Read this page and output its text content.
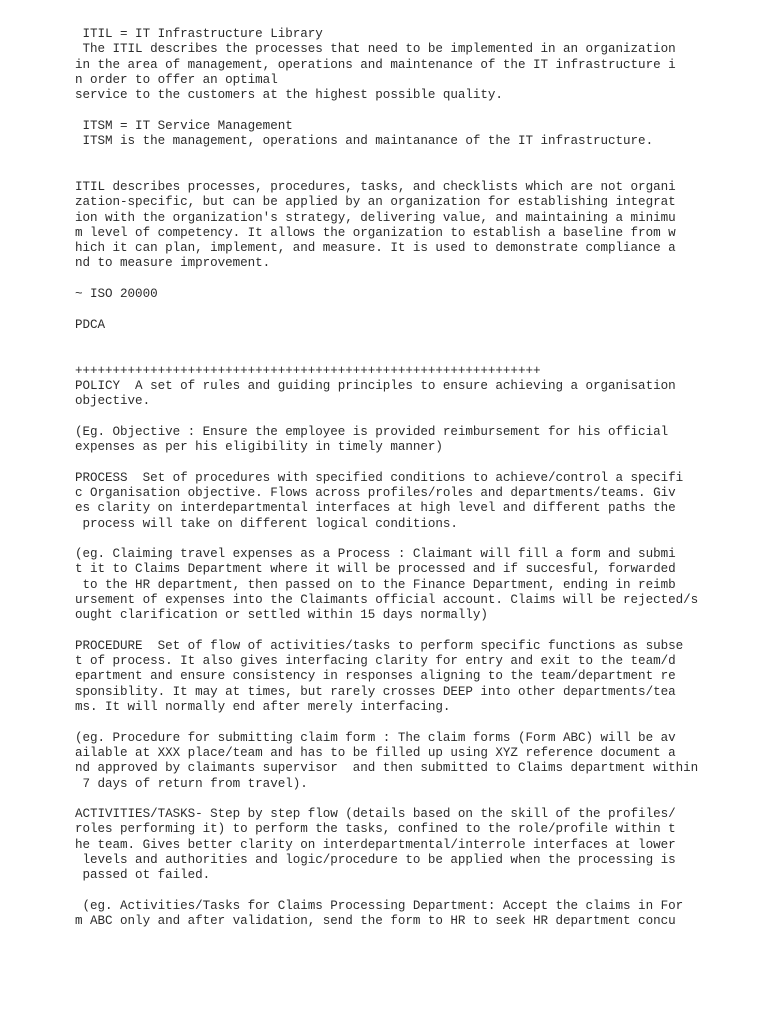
ITIL = IT Infrastructure Library
The ITIL describes the processes that need to be implemented in an organization
in the area of management, operations and maintenance of the IT infrastructure i
n order to offer an optimal
service to the customers at the highest possible quality.
ITSM = IT Service Management
ITSM is the management, operations and maintanance of the IT infrastructure.
ITIL describes processes, procedures, tasks, and checklists which are not organi
zation-specific, but can be applied by an organization for establishing integrat
ion with the organization's strategy, delivering value, and maintaining a minimu
m level of competency. It allows the organization to establish a baseline from w
hich it can plan, implement, and measure. It is used to demonstrate compliance a
nd to measure improvement.
~ ISO 20000
PDCA
++++++++++++++++++++++++++++++++++++++++++++++++++++++++++++++
POLICY  A set of rules and guiding principles to ensure achieving a organisation
objective.
(Eg. Objective : Ensure the employee is provided reimbursement for his official
expenses as per his eligibility in timely manner)
PROCESS  Set of procedures with specified conditions to achieve/control a specifi
c Organisation objective. Flows across profiles/roles and departments/teams. Giv
es clarity on interdepartmental interfaces at high level and different paths the
process will take on different logical conditions.
(eg. Claiming travel expenses as a Process : Claimant will fill a form and submi
t it to Claims Department where it will be processed and if succesful, forwarded
to the HR department, then passed on to the Finance Department, ending in reimb
ursement of expenses into the Claimants official account. Claims will be rejected/s
ought clarification or settled within 15 days normally)
PROCEDURE  Set of flow of activities/tasks to perform specific functions as subse
t of process. It also gives interfacing clarity for entry and exit to the team/d
epartment and ensure consistency in responses aligning to the team/department re
sponsiblity. It may at times, but rarely crosses DEEP into other departments/tea
ms. It will normally end after merely interfacing.
(eg. Procedure for submitting claim form : The claim forms (Form ABC) will be av
ailable at XXX place/team and has to be filled up using XYZ reference document a
nd approved by claimants supervisor  and then submitted to Claims department within
7 days of return from travel).
ACTIVITIES/TASKS- Step by step flow (details based on the skill of the profiles/
roles performing it) to perform the tasks, confined to the role/profile within t
he team. Gives better clarity on interdepartmental/interrole interfaces at lower
levels and authorities and logic/procedure to be applied when the processing is
passed ot failed.
(eg. Activities/Tasks for Claims Processing Department: Accept the claims in For
m ABC only and after validation, send the form to HR to seek HR department concu
